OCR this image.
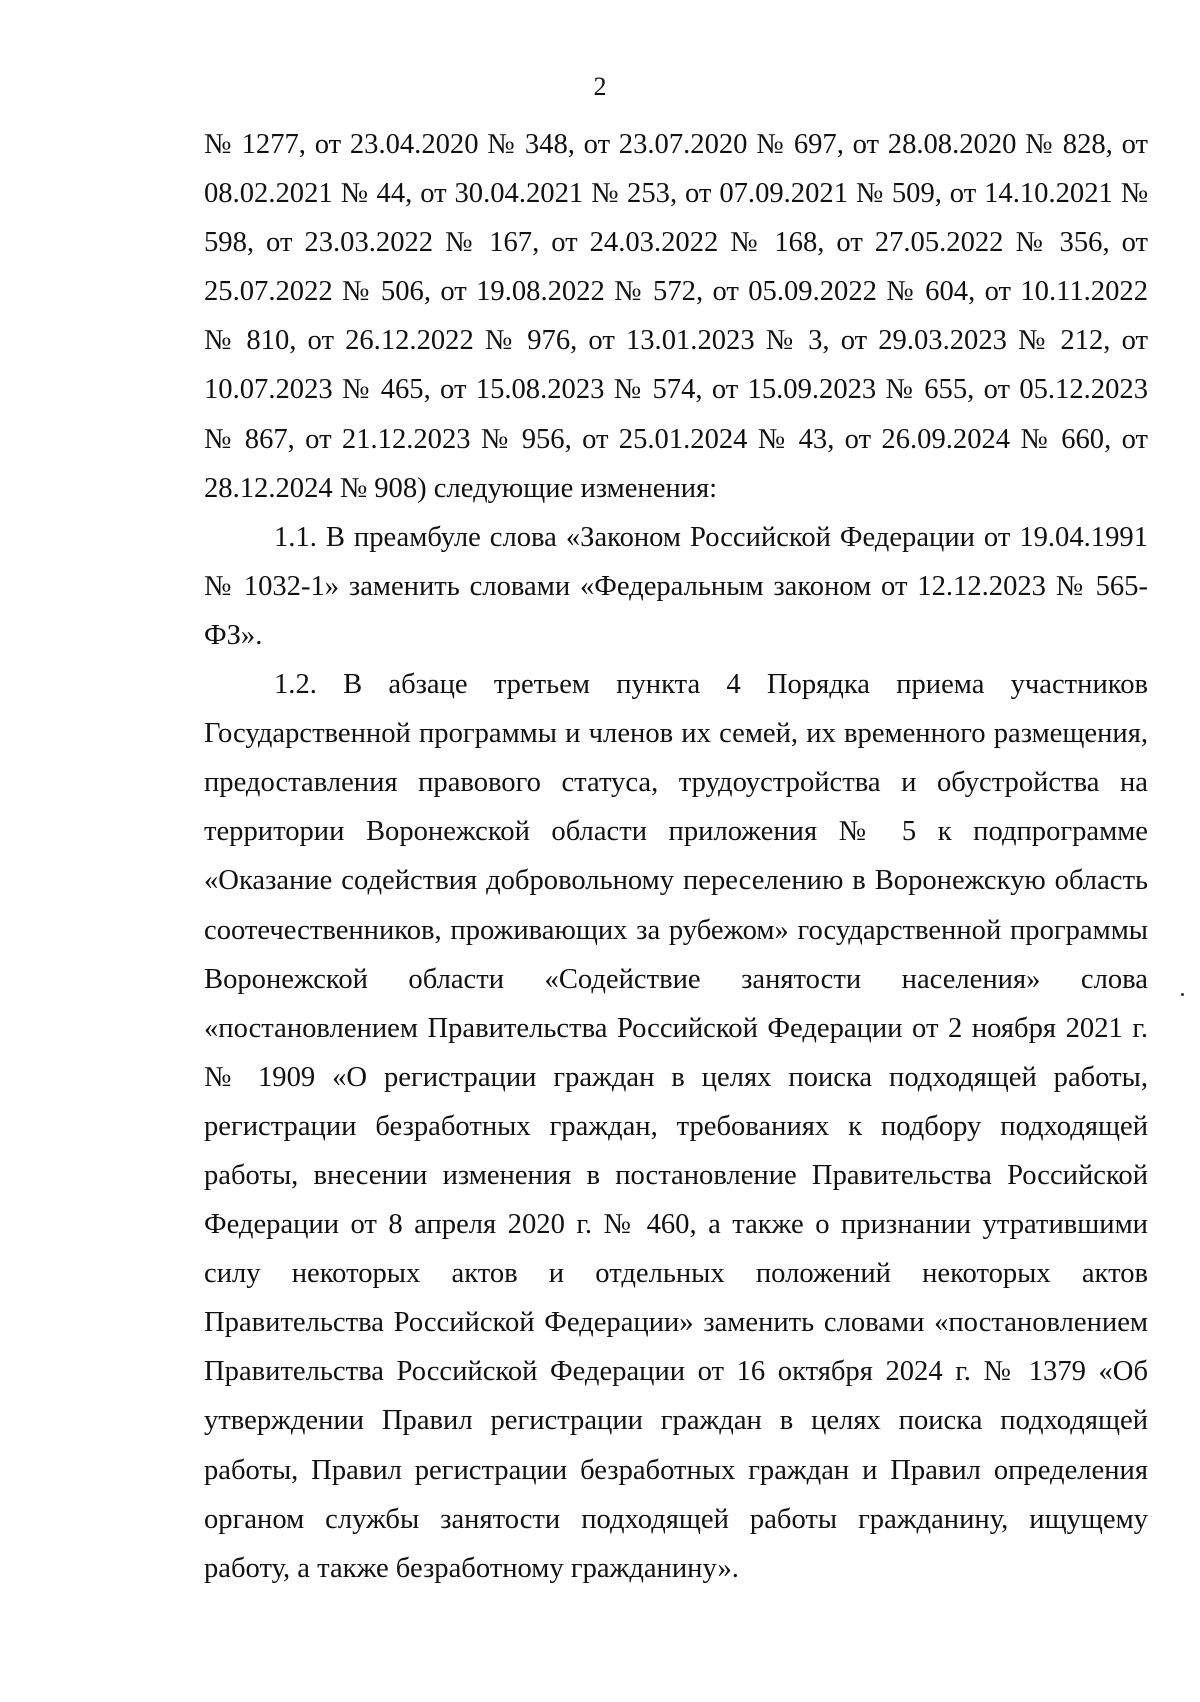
2

№ 1277, от 23.04.2020 № 348, от 23.07.2020 № 697, от 28.08.2020 № 828, от 08.02.2021 № 44, от 30.04.2021 № 253, от 07.09.2021 № 509, от 14.10.2021 № 598, от 23.03.2022 № 167, от 24.03.2022 № 168, от 27.05.2022 № 356, от 25.07.2022 № 506, от 19.08.2022 № 572, от 05.09.2022 № 604, от 10.11.2022 № 810, от 26.12.2022 № 976, от 13.01.2023 № 3, от 29.03.2023 № 212, от 10.07.2023 № 465, от 15.08.2023 № 574, от 15.09.2023 № 655, от 05.12.2023 № 867, от 21.12.2023 № 956, от 25.01.2024 № 43, от 26.09.2024 № 660, от 28.12.2024 № 908) следующие изменения:

1.1. В преамбуле слова «Законом Российской Федерации от 19.04.1991 № 1032-1» заменить словами «Федеральным законом от 12.12.2023 № 565-ФЗ».

1.2. В абзаце третьем пункта 4 Порядка приема участников Государственной программы и членов их семей, их временного размещения, предоставления правового статуса, трудоустройства и обустройства на территории Воронежской области приложения № 5 к подпрограмме «Оказание содействия добровольному переселению в Воронежскую область соотечественников, проживающих за рубежом» государственной программы Воронежской области «Содействие занятости населения» слова «постановлением Правительства Российской Федерации от 2 ноября 2021 г. № 1909 «О регистрации граждан в целях поиска подходящей работы, регистрации безработных граждан, требованиях к подбору подходящей работы, внесении изменения в постановление Правительства Российской Федерации от 8 апреля 2020 г. № 460, а также о признании утратившими силу некоторых актов и отдельных положений некоторых актов Правительства Российской Федерации» заменить словами «постановлением Правительства Российской Федерации от 16 октября 2024 г. № 1379 «Об утверждении Правил регистрации граждан в целях поиска подходящей работы, Правил регистрации безработных граждан и Правил определения органом службы занятости подходящей работы гражданину, ищущему работу, а также безработному гражданину».
